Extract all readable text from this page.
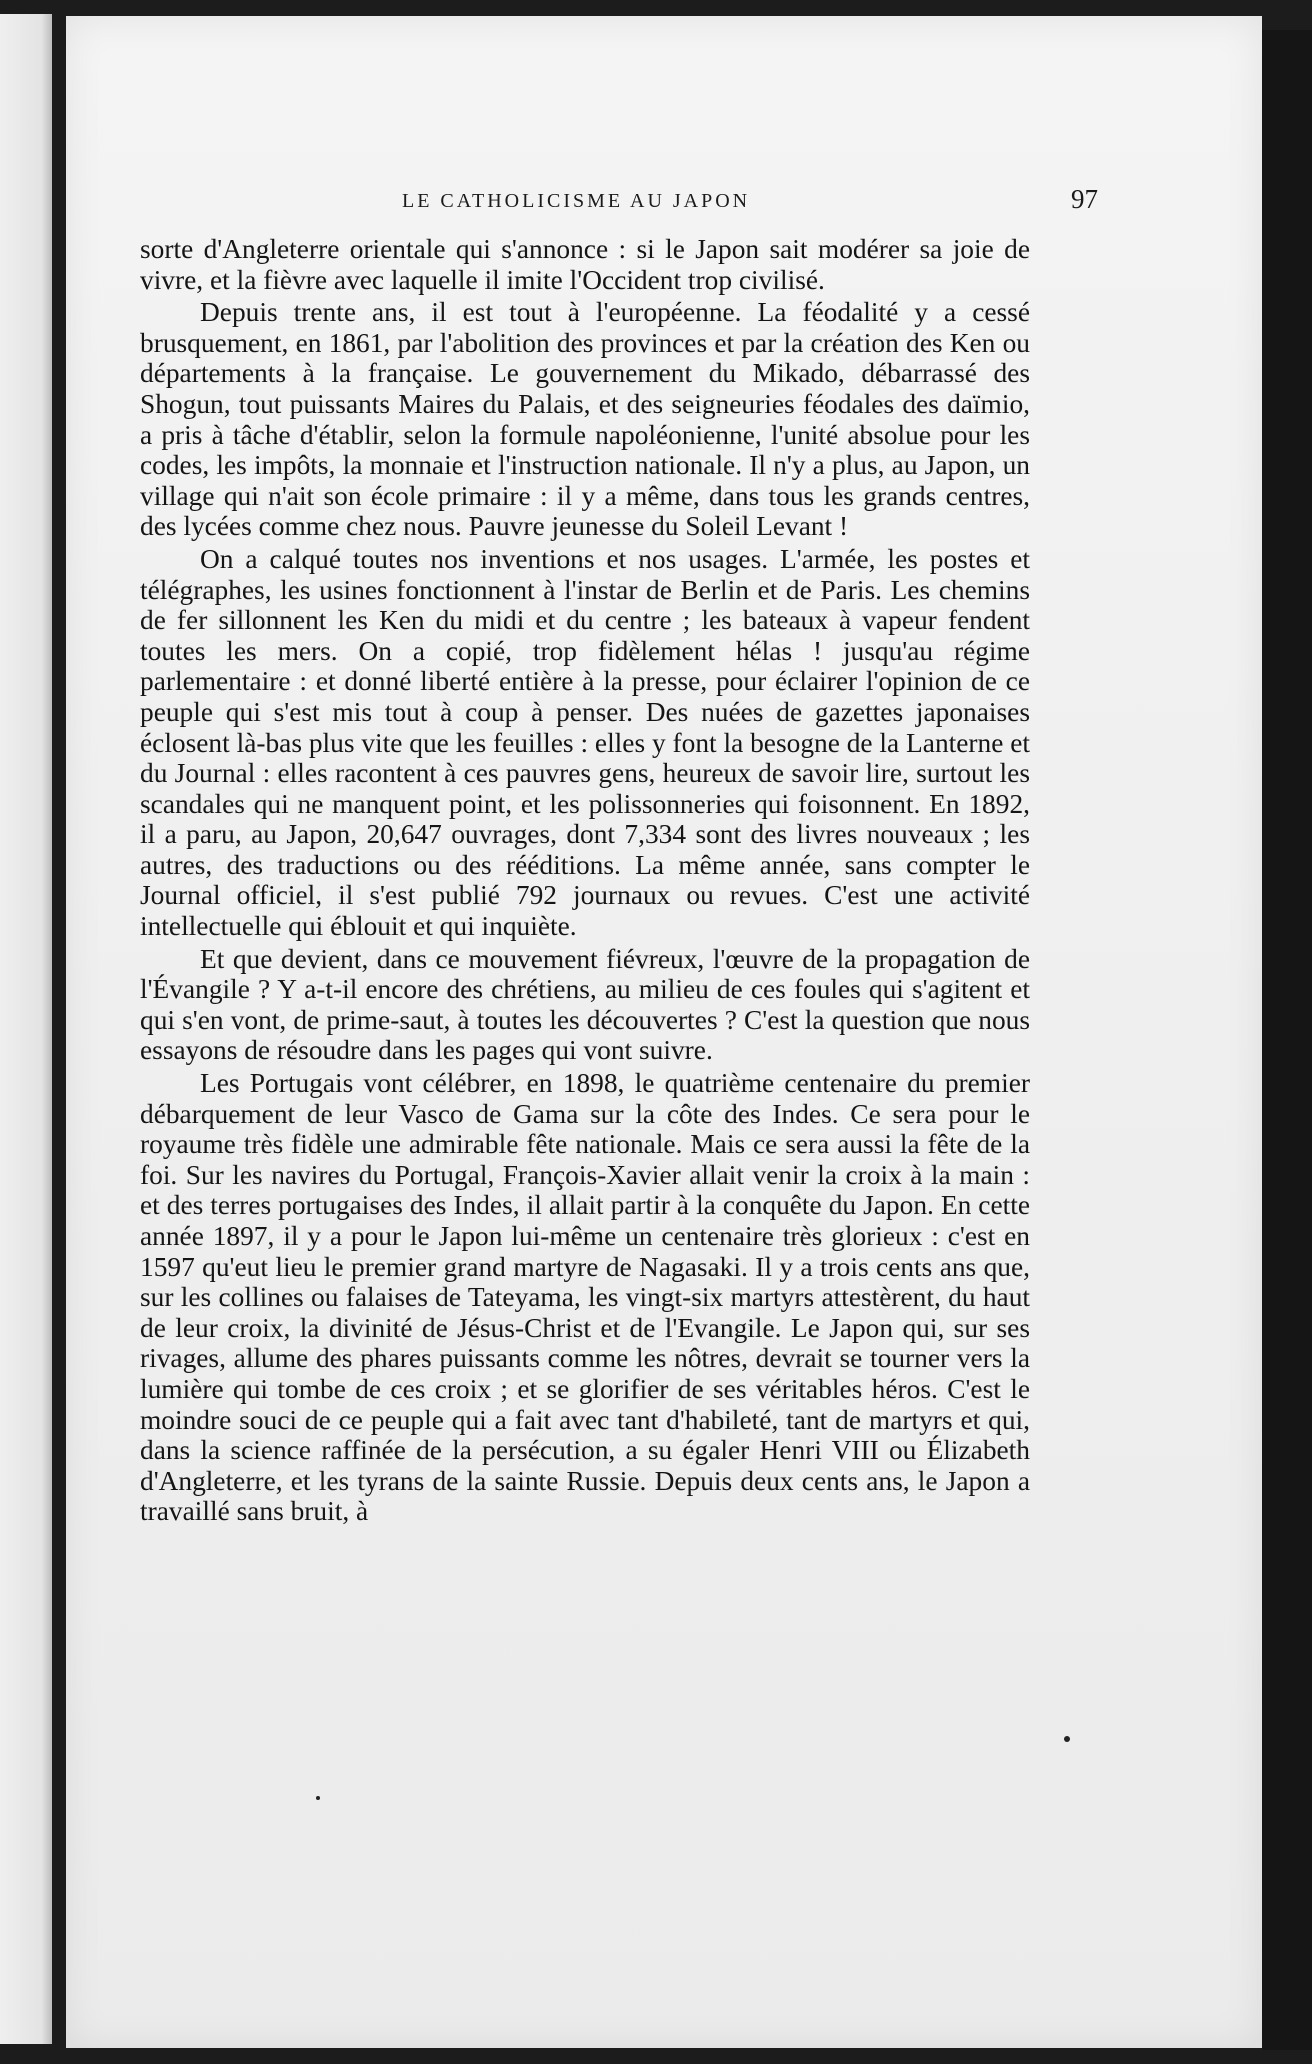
LE CATHOLICISME AU JAPON	97

sorte d'Angleterre orientale qui s'annonce : si le Japon sait modérer sa joie de vivre, et la fièvre avec laquelle il imite l'Occident trop civilisé.

Depuis trente ans, il est tout à l'européenne. La féodalité y a cessé brusquement, en 1861, par l'abolition des provinces et par la création des Ken ou départements à la française. Le gouvernement du Mikado, débarrassé des Shogun, tout puissants Maires du Palais, et des seigneuries féodales des daïmio, a pris à tâche d'établir, selon la formule napoléonienne, l'unité absolue pour les codes, les impôts, la monnaie et l'instruction nationale. Il n'y a plus, au Japon, un village qui n'ait son école primaire : il y a même, dans tous les grands centres, des lycées comme chez nous. Pauvre jeunesse du Soleil Levant !

On a calqué toutes nos inventions et nos usages. L'armée, les postes et télégraphes, les usines fonctionnent à l'instar de Berlin et de Paris. Les chemins de fer sillonnent les Ken du midi et du centre ; les bateaux à vapeur fendent toutes les mers. On a copié, trop fidèlement hélas ! jusqu'au régime parlementaire : et donné liberté entière à la presse, pour éclairer l'opinion de ce peuple qui s'est mis tout à coup à penser. Des nuées de gazettes japonaises éclosent là-bas plus vite que les feuilles : elles y font la besogne de la Lanterne et du Journal : elles racontent à ces pauvres gens, heureux de savoir lire, surtout les scandales qui ne manquent point, et les polissonneries qui foisonnent. En 1892, il a paru, au Japon, 20,647 ouvrages, dont 7,334 sont des livres nouveaux ; les autres, des traductions ou des rééditions. La même année, sans compter le Journal officiel, il s'est publié 792 journaux ou revues. C'est une activité intellectuelle qui éblouit et qui inquiète.

Et que devient, dans ce mouvement fiévreux, l'œuvre de la propagation de l'Évangile ? Y a-t-il encore des chrétiens, au milieu de ces foules qui s'agitent et qui s'en vont, de prime-saut, à toutes les découvertes ? C'est la question que nous essayons de résoudre dans les pages qui vont suivre.

Les Portugais vont célébrer, en 1898, le quatrième centenaire du premier débarquement de leur Vasco de Gama sur la côte des Indes. Ce sera pour le royaume très fidèle une admirable fête nationale. Mais ce sera aussi la fête de la foi. Sur les navires du Portugal, François-Xavier allait venir la croix à la main : et des terres portugaises des Indes, il allait partir à la conquête du Japon. En cette année 1897, il y a pour le Japon lui-même un centenaire très glorieux : c'est en 1597 qu'eut lieu le premier grand martyre de Nagasaki. Il y a trois cents ans que, sur les collines ou falaises de Tateyama, les vingt-six martyrs attestèrent, du haut de leur croix, la divinité de Jésus-Christ et de l'Evangile. Le Japon qui, sur ses rivages, allume des phares puissants comme les nôtres, devrait se tourner vers la lumière qui tombe de ces croix ; et se glorifier de ses véritables héros. C'est le moindre souci de ce peuple qui a fait avec tant d'habileté, tant de martyrs et qui, dans la science raffinée de la persécution, a su égaler Henri VIII ou Élizabeth d'Angleterre, et les tyrans de la sainte Russie. Depuis deux cents ans, le Japon a travaillé sans bruit, à
